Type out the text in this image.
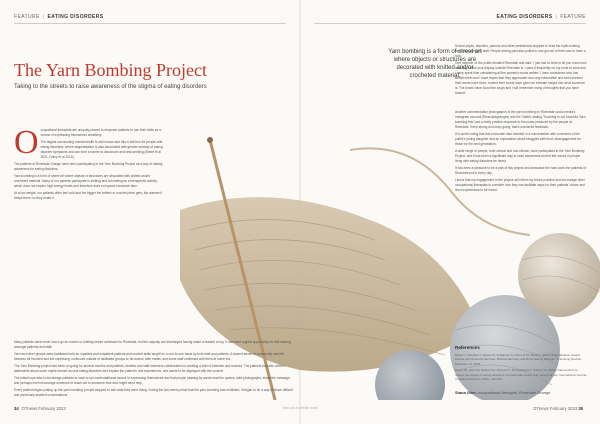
FEATURE | EATING DISORDERS	EATING DISORDERS | FEATURE
The Yarn Bombing Project
Taking to the streets to raise awareness of the stigma of eating disorders

Occupational therapists are uniquely placed to empower patients to use their skills as a means of expressing themselves creatively.

The stigma surrounding mental health is well known and this is still true for people with eating disorders, where stigmatisation is also associated with greater severity of eating disorder symptoms and can form a barrier to disclosure and help-seeking (Brelet et al 2021; Doley et al 2016).

The patients of Riverdale Grange have been participating in the Yarn Bombing Project as a way of raising awareness for eating disorders.

Yarn bombing is a form of street art where objects or structures are decorated with knitted and/or crocheted material. Many of our patients participate in knitting and crocheting as a therapeutic activity, which does not require high energy levels and therefore does not spend excessive time.

At a low weight, our patients often feel cold and the bigger the knitted or crochet piece gets, the warmer it keeps them, so they make it.

Many patients have never had a go at crochet or knitting before admission to Riverdale, but the majority are discharged having made a blanket or toy. It has been a great opportunity for skill sharing amongst patients and staff.

Yarn and other groups were facilitated both for inpatient and outpatient patients and crochet skills taught on a one-to-one basis by both staff and patients. A shared sense of community was felt between all involved and the continuing, continued outside of facilitated groups to 'sit-downs' after meals, and some staff continued with them at home too.

The Yarn Bombing project had been on-going for several months and patients, families and staff members collaborated on creating a bulk of blankets and scarves. The patients had also written statements about some myths formed around eating disorders and explain the patient's real experiences, and wants to be displayed with the crochet.

The initial hope was to encourage patients to have a non-confrontational means of expressing themselves and that people passing by would read the quotes, take photographs, share the message, and perhaps even encourage someone to reach out to someone else who might need help.

Every patient began putting up the yarn bombing, people stopped to ask what they were doing. During the two-week period that the yarn bombing was exhibited, it began to be a way to share difficult and previously avoided conversations.

Yarn bombing is a form of street art where objects or structures are decorated with knitted and/or crocheted material.

School pupils, teachers, parents and other pedestrians stopped to read the myth-busting tapes and speak to staff. People driving past also pulled in and got out of their cars to have a look.

One member of the public emailed Riverdale and said: 'I just had to write to let you know how amazing I think your display outside Riverdale is. I pass it frequently on my route to work and I have spent time considering all the powerful words written. I have considered who has written them and I have hoped that they appreciate how very informative and well-received their words have been. Indeed their words have given an intimate insight into what someone is. The words have found the tough and I will remember many of thoughts that you have shared.'

Another commendation photographs of the yarn bombing on Riverdale social media's Instagram account (Riverdalegranges) and the Twitter, stating 'Touching to our beautiful Yarn bombing this' had a really positive response to the posts produced by the people at Riverdale. Keep strong and keep going, that's wonderful feedback.

It is worth noting that this encounter also resulted in a conversation with a member of the public's young daughter and an explanation about struggles with food, disengagement for those for the next generation.

A wide range of people, both clinical and non-clinical, have participated in the Yarn Bombing Project, and it has been a significant way to raise awareness and let the voices of people living with eating disorders be heard.

It has been a pleasure to be a part of this project and showcase the hard work the patients of Riverdale put in every day.

I know that my engagement in the project will inform my future practice and encourage other occupational therapists to consider how they can facilitate ways for their patients' voices and lived experiences to be heard.

References

Brelet L, Flaudias V, Désert M, Guillaume S, Llorca P-M, Boirie Y (2021) Stigmatization toward People with Anorexia Nervosa, Bulimia Nervosa, and Binge Eating Disorder: A Scoping Review. Nutrients, 13, 2834.

Doley JR, Hart LM, Stukas AA, Petrovic K, Bouguettaya A, Paxton SJ (2016) Interventions to reduce the stigma of eating disorders: A systematic review and meta-analysis. International Journal of Eating Disorders, 50(3), 210-230.

Siana Glen, occupational therapist, Riverdale Grange
34 OTnews February 2023	Yarn on a needle work	OTnews February 2023 35
